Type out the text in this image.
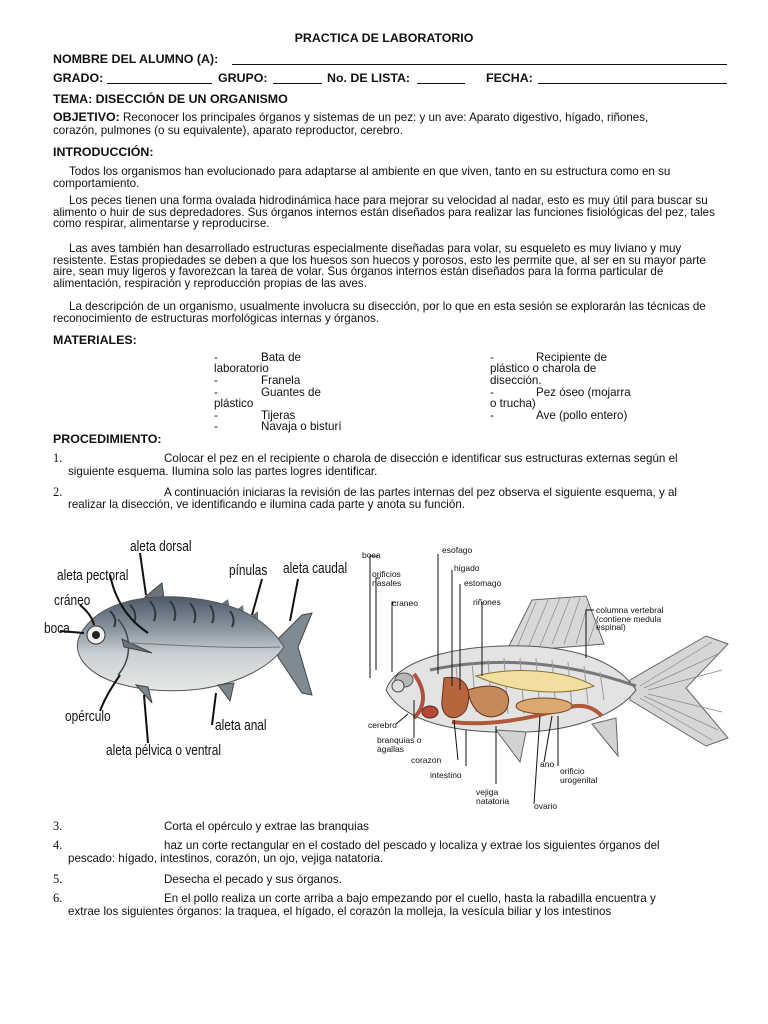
PRACTICA DE LABORATORIO
NOMBRE DEL ALUMNO (A):
GRADO:	GRUPO:	No. DE LISTA:	FECHA:
TEMA: DISECCIÓN DE UN ORGANISMO
OBJETIVO: Reconocer los principales órganos y sistemas de un pez: y un ave: Aparato digestivo, hígado, riñones,
corazón, pulmones (o su equivalente), aparato reproductor, cerebro.
INTRODUCCIÓN:
Todos los organismos han evolucionado para adaptarse al ambiente en que viven, tanto en su estructura como en su comportamiento.
Los peces tienen una forma ovalada hidrodinámica hace para mejorar su velocidad al nadar, esto es muy útil para buscar su alimento o huir de sus depredadores. Sus órganos internos están diseñados para realizar las funciones fisiológicas del pez, tales como respirar, alimentarse y reproducirse.
Las aves también han desarrollado estructuras especialmente diseñadas para volar, su esqueleto es muy liviano y muy resistente. Estas propiedades se deben a que los huesos son huecos y porosos, esto les permite que, al ser en su mayor parte aire, sean muy ligeros y favorezcan la tarea de volar. Sus órganos internos están diseñados para la forma particular de alimentación, respiración y reproducción propias de las aves.
La descripción de un organismo, usualmente involucra su disección, por lo que en esta sesión se explorarán las técnicas de reconocimiento de estructuras morfológicas internas y órganos.
MATERIALES:
-	Bata de
laboratorio
-	Franela
-	Guantes de
plástico
-	Tijeras
-	Navaja o bisturí
-	Recipiente de
plástico o charola de
disección.
-	Pez óseo (mojarra
o trucha)
-	Ave (pollo entero)
PROCEDIMIENTO:
1.	Colocar el pez en el recipiente o charola de disección e identificar sus estructuras externas según el
siguiente esquema. Ilumina solo las partes logres identificar.
2.	A continuación iniciaras la revisión de las partes internas del pez observa el siguiente esquema, y al
realizar la disección, ve identificando e ilumina cada parte y anota su función.
aleta dorsal
aleta pectoral
cráneo
boca
pínulas aleta caudal
opérculo
aleta pélvica o ventral
aleta anal
boca
orificios nasales
craneo
esofago
higado
estomago
riñones
columna vertebral (contiene medula espinal)
cerebro
branquias o agallas
corazon
intestino
vejiga natatoria
ano
orificio urogenital
ovario
3.	Corta el opérculo y extrae las branquias
4.	haz un corte rectangular en el costado del pescado y localiza y extrae los siguientes órganos del
pescado: hígado, intestinos, corazón, un ojo, vejiga natatoria.
5.	Desecha el pecado y sus órganos.
6.	En el pollo realiza un corte arriba a bajo empezando por el cuello, hasta la rabadilla encuentra y
extrae los siguientes órganos: la traquea, el hígado, el corazón la molleja, la vesícula biliar y los intestinos
